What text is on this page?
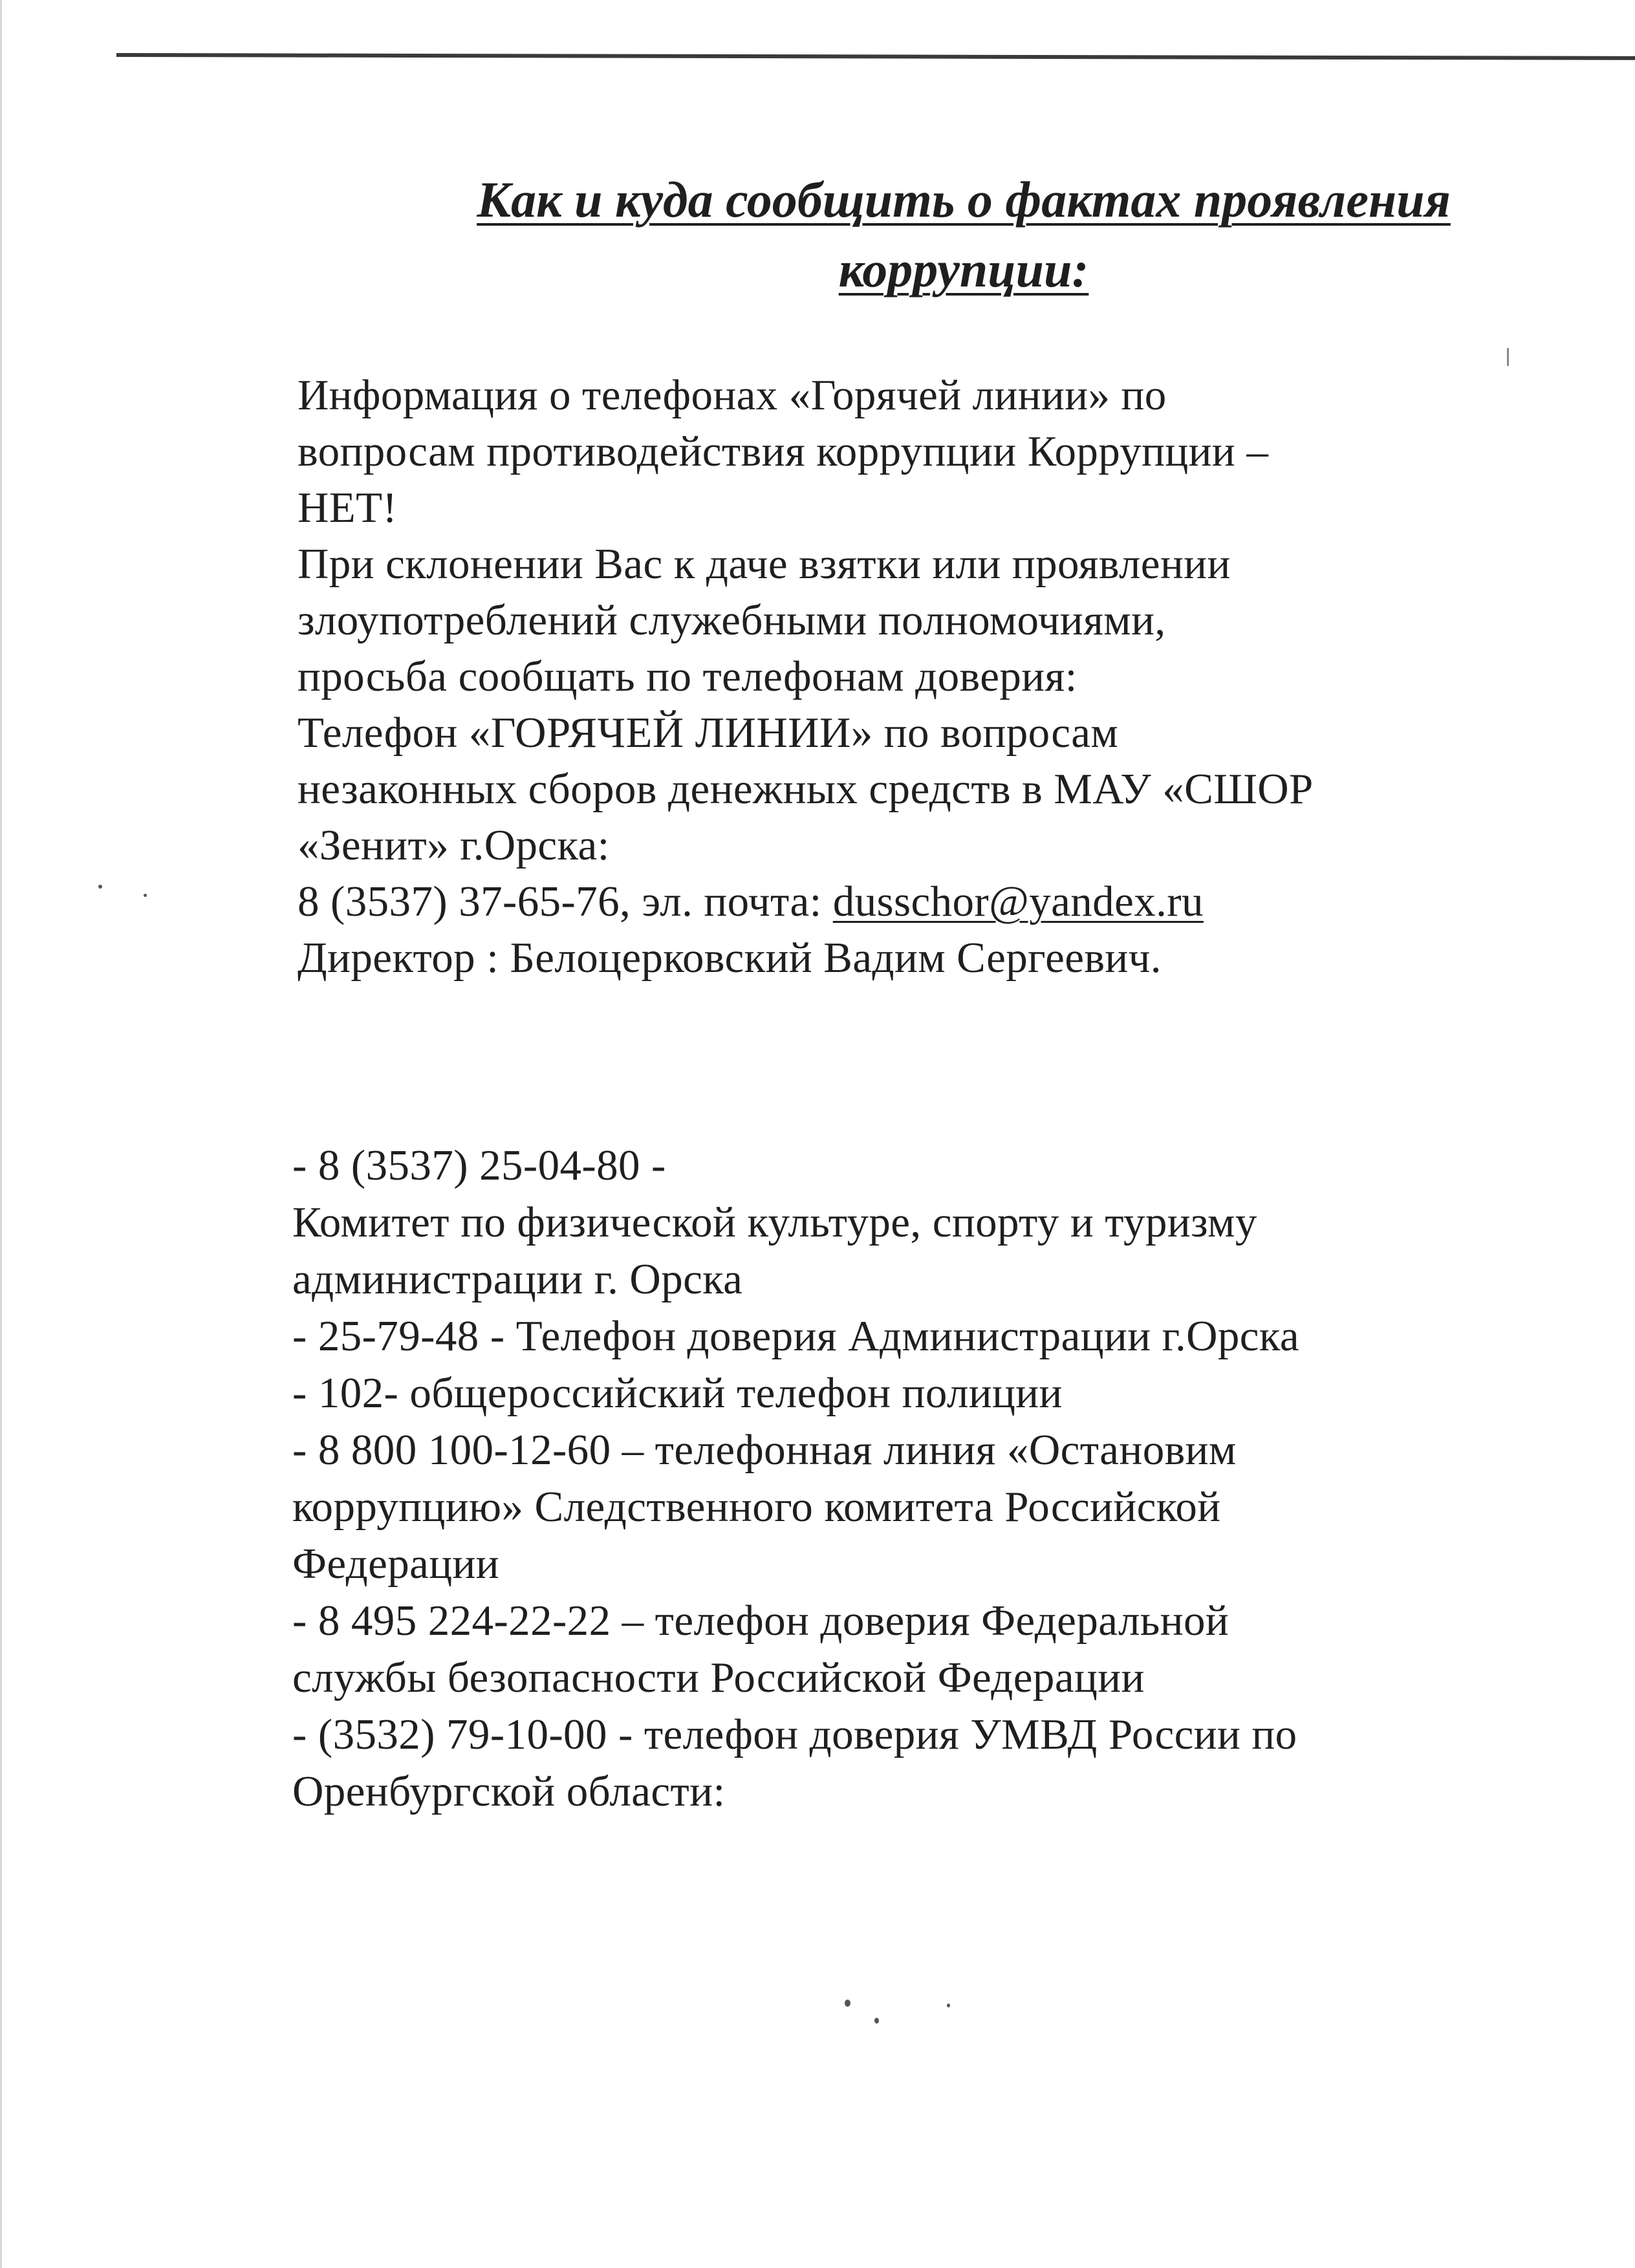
Как и куда сообщить о фактах проявления
коррупции:

Информация о телефонах «Горячей линии» по

вопросам противодействия коррупции Коррупции –

НЕТ!

При склонении Вас к даче взятки или проявлении

злоупотреблений служебными полномочиями,

просьба сообщать по телефонам доверия:

Телефон «ГОРЯЧЕЙ ЛИНИИ» по вопросам

незаконных сборов денежных средств в МАУ «СШОР

«Зенит» г.Орска:

8 (3537) 37-65-76, эл. почта: dusschor@yandex.ru

Директор : Белоцерковский Вадим Сергеевич.

- 8 (3537) 25-04-80 -

Комитет по физической культуре, спорту и туризму

администрации г. Орска

- 25-79-48 - Телефон доверия Администрации г.Орска

- 102- общероссийский телефон полиции

- 8 800 100-12-60 – телефонная линия «Остановим

коррупцию» Следственного комитета Российской

Федерации

- 8 495 224-22-22 – телефон доверия Федеральной

службы безопасности Российской Федерации

- (3532) 79-10-00 - телефон доверия УМВД России по

Оренбургской области:
